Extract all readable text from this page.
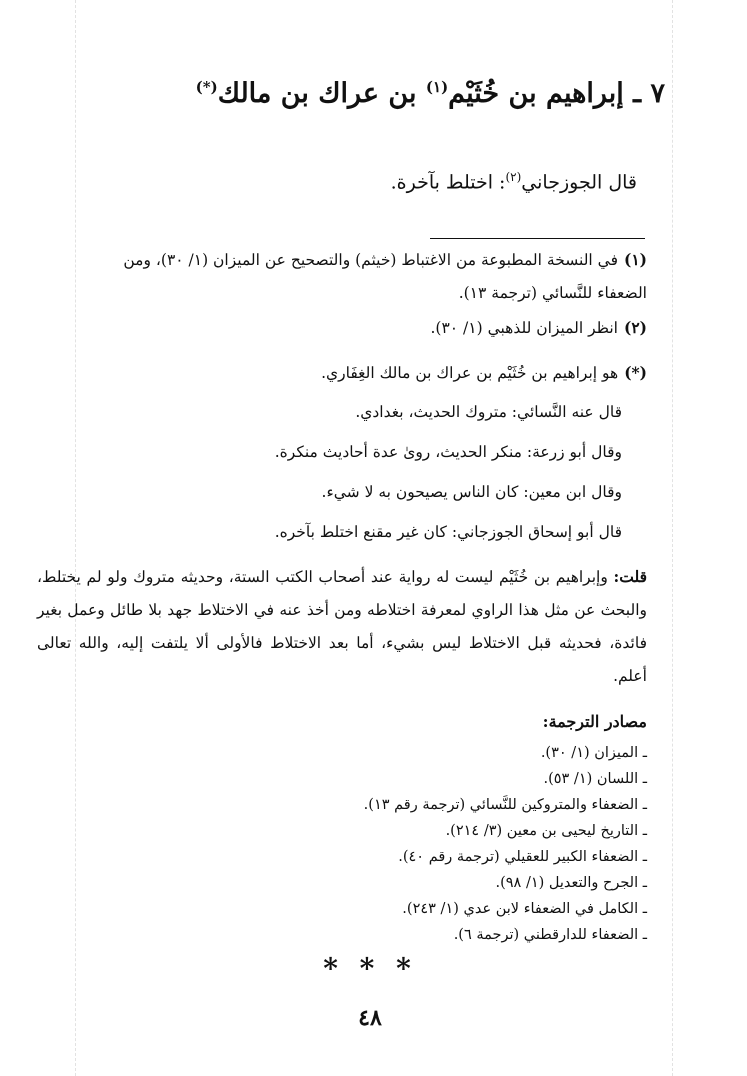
٧ ـ إبراهيم بن خُثَيْم$^{(١)}$ بن عراك بن مالك(*)
قال الجوزجاني$^{(٢)}$: اختلط بآخرة.
(١)في النسخة المطبوعة من الاغتباط (خيثم) والتصحيح عن الميزان (١/ ٣٠)، ومن الضعفاء للنَّسائي (ترجمة ١٣).
(٢)انظر الميزان للذهبي (١/ ٣٠).
(*)هو إبراهيم بن خُثَيْم بن عراك بن مالك الغِفَاري.
قال عنه النَّسائي: متروك الحديث، بغدادي.
وقال أبو زرعة: منكر الحديث، روىٰ عدة أحاديث منكرة.
وقال ابن معين: كان الناس يصيحون به لا شيء.
قال أبو إسحاق الجوزجاني: كان غير مقنع اختلط بآخره.
قلت: وإبراهيم بن خُثَيْم ليست له رواية عند أصحاب الكتب الستة، وحديثه متروك ولو لم يختلط، والبحث عن مثل هذا الراوي لمعرفة اختلاطه ومن أخذ عنه في الاختلاط جهد بلا طائل وعمل بغير فائدة، فحديثه قبل الاختلاط ليس بشيء، أما بعد الاختلاط فالأولى ألا يلتفت إليه، والله تعالى أعلم.
مصادر الترجمة:
ـ الميزان (١/ ٣٠).
ـ اللسان (١/ ٥٣).
ـ الضعفاء والمتروكين للنَّسائي (ترجمة رقم ١٣).
ـ التاريخ ليحيى بن معين (٣/ ٢١٤).
ـ الضعفاء الكبير للعقيلي (ترجمة رقم ٤٠).
ـ الجرح والتعديل (١/ ٩٨).
ـ الكامل في الضعفاء لابن عدي (١/ ٢٤٣).
ـ الضعفاء للدارقطني (ترجمة ٦).
* * *
٤٨
